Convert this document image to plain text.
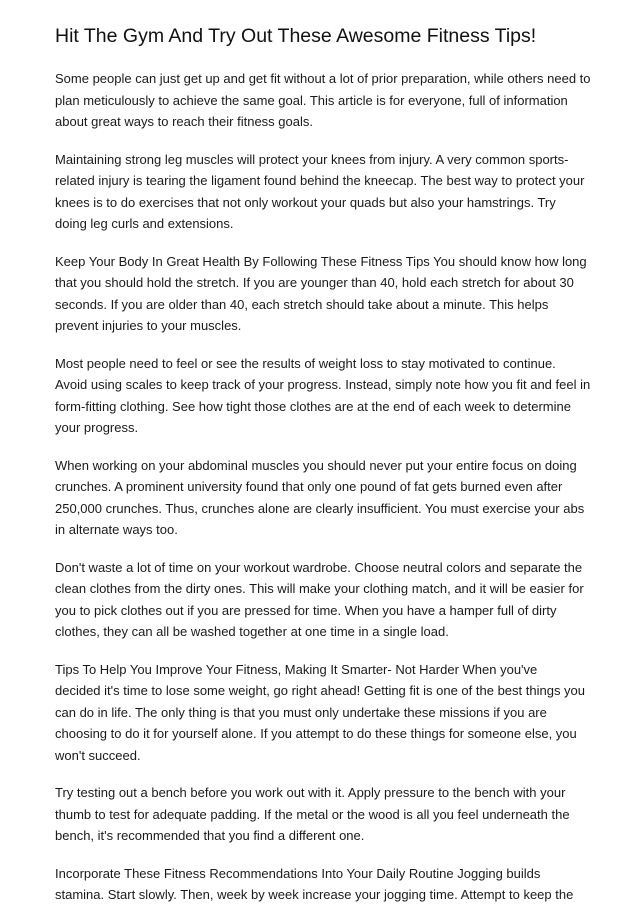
Hit The Gym And Try Out These Awesome Fitness Tips!

Some people can just get up and get fit without a lot of prior preparation, while others need to
plan meticulously to achieve the same goal. This article is for everyone, full of information
about great ways to reach their fitness goals.

Maintaining strong leg muscles will protect your knees from injury. A very common sports-
related injury is tearing the ligament found behind the kneecap. The best way to protect your
knees is to do exercises that not only workout your quads but also your hamstrings. Try
doing leg curls and extensions.

Keep Your Body In Great Health By Following These Fitness Tips You should know how long
that you should hold the stretch. If you are younger than 40, hold each stretch for about 30
seconds. If you are older than 40, each stretch should take about a minute. This helps
prevent injuries to your muscles.

Most people need to feel or see the results of weight loss to stay motivated to continue.
Avoid using scales to keep track of your progress. Instead, simply note how you fit and feel in
form-fitting clothing. See how tight those clothes are at the end of each week to determine
your progress.

When working on your abdominal muscles you should never put your entire focus on doing
crunches. A prominent university found that only one pound of fat gets burned even after
250,000 crunches. Thus, crunches alone are clearly insufficient. You must exercise your abs
in alternate ways too.

Don't waste a lot of time on your workout wardrobe. Choose neutral colors and separate the
clean clothes from the dirty ones. This will make your clothing match, and it will be easier for
you to pick clothes out if you are pressed for time. When you have a hamper full of dirty
clothes, they can all be washed together at one time in a single load.

Tips To Help You Improve Your Fitness, Making It Smarter- Not Harder When you've
decided it's time to lose some weight, go right ahead! Getting fit is one of the best things you
can do in life. The only thing is that you must only undertake these missions if you are
choosing to do it for yourself alone. If you attempt to do these things for someone else, you
won't succeed.

Try testing out a bench before you work out with it. Apply pressure to the bench with your
thumb to test for adequate padding. If the metal or the wood is all you feel underneath the
bench, it's recommended that you find a different one.

Incorporate These Fitness Recommendations Into Your Daily Routine Jogging builds
stamina. Start slowly. Then, week by week increase your jogging time. Attempt to keep the
